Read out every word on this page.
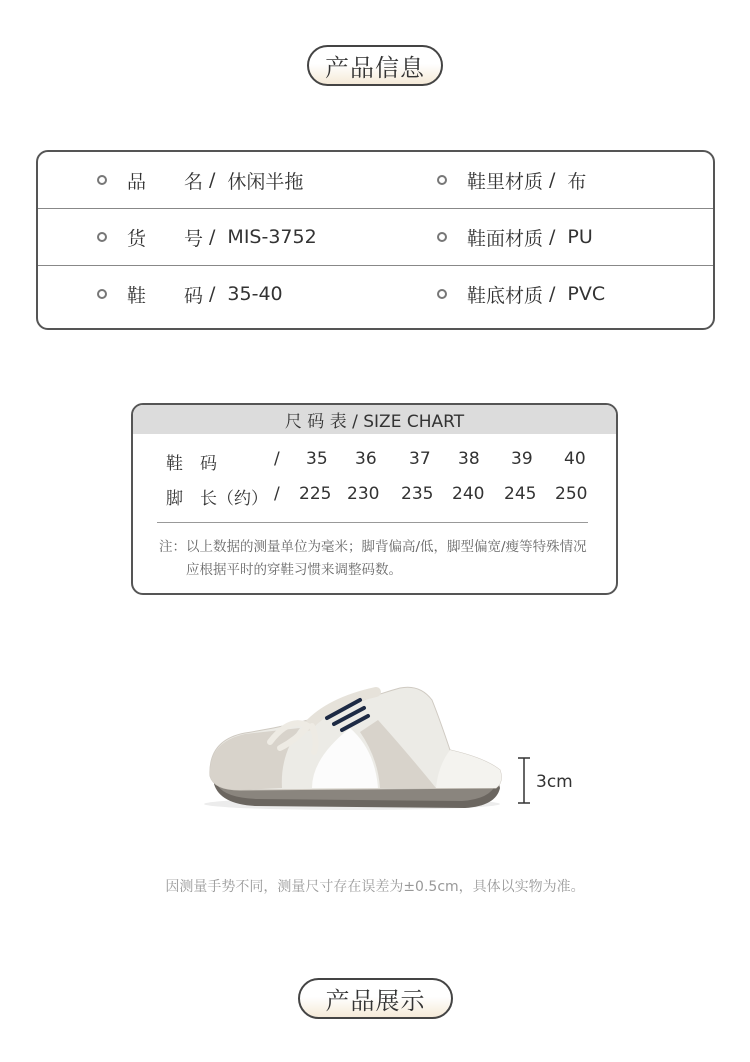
产品信息
品　　名 / 休闲半拖	鞋里材质 / 布
货　　号 / MIS-3752	鞋面材质 / PU
鞋　　码 / 35-40	鞋底材质 / PVC
尺 码 表 / SIZE CHART
鞋　码	/ 35 36 37 38 39 40
脚　长（约） / 225 230 235 240 245 250
注：以上数据的测量单位为毫米；脚背偏高/低，脚型偏宽/瘦等特殊情况
应根据平时的穿鞋习惯来调整码数。
3cm
因测量手势不同，测量尺寸存在误差为±0.5cm，具体以实物为准。
产品展示
